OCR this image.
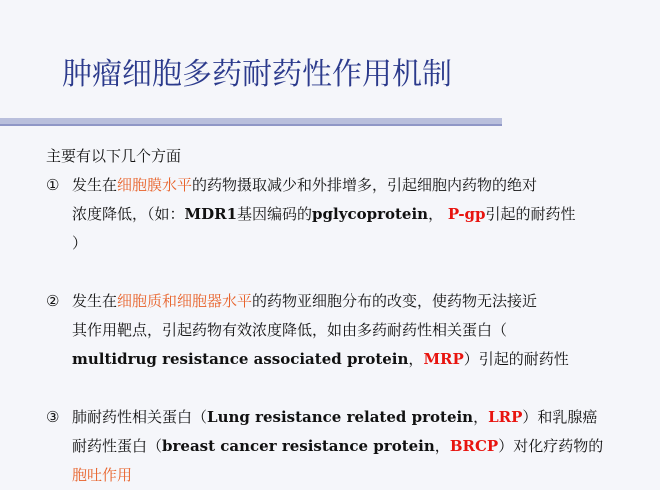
肿瘤细胞多药耐药性作用机制
主要有以下几个方面
① 发生在细胞膜水平的药物摄取减少和外排增多，引起细胞内药物的绝对
浓度降低，（如：MDR1基因编码的pglycoprotein， P-gp引起的耐药性
）
② 发生在细胞质和细胞器水平的药物亚细胞分布的改变，使药物无法接近
其作用靶点，引起药物有效浓度降低，如由多药耐药性相关蛋白（
multidrug resistance associated protein，MRP）引起的耐药性
③ 肺耐药性相关蛋白（Lung resistance related protein，LRP）和乳腺癌
耐药性蛋白（breast cancer resistance protein，BRCP）对化疗药物的
胞吐作用
